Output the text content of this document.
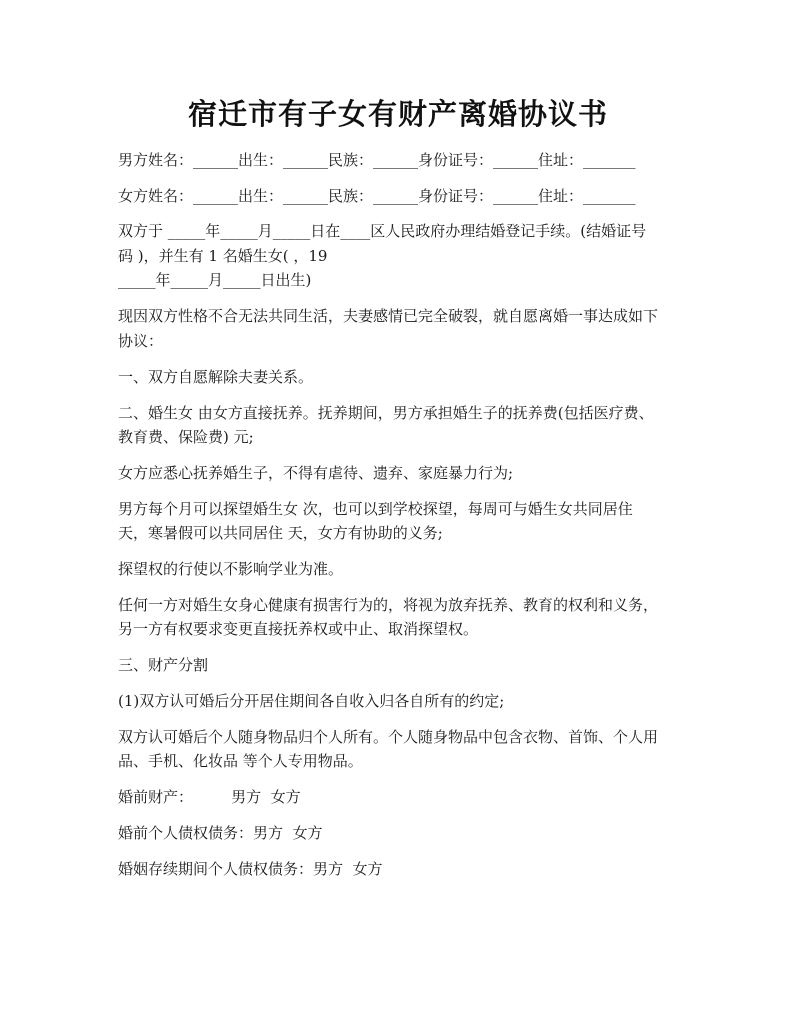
宿迁市有子女有财产离婚协议书
男方姓名：______出生：______民族：______身份证号：______住址：_______
女方姓名：______出生：______民族：______身份证号：______住址：_______
双方于 _____年_____月_____日在____区人民政府办理结婚登记手续。(结婚证号
码 )，并生有 1 名婚生女( ，19
_____年_____月_____日出生)
现因双方性格不合无法共同生活，夫妻感情已完全破裂，就自愿离婚一事达成如下
协议：
一、双方自愿解除夫妻关系。
二、婚生女 由女方直接抚养。抚养期间，男方承担婚生子的抚养费(包括医疗费、
教育费、保险费) 元;
女方应悉心抚养婚生子，不得有虐待、遗弃、家庭暴力行为;
男方每个月可以探望婚生女 次，也可以到学校探望，每周可与婚生女共同居住
天，寒暑假可以共同居住 天，女方有协助的义务;
探望权的行使以不影响学业为准。
任何一方对婚生女身心健康有损害行为的，将视为放弃抚养、教育的权利和义务，
另一方有权要求变更直接抚养权或中止、取消探望权。
三、财产分割
(1)双方认可婚后分开居住期间各自收入归各自所有的约定;
双方认可婚后个人随身物品归个人所有。个人随身物品中包含衣物、首饰、个人用
品、手机、化妆品 等个人专用物品。
婚前财产：        男方  女方
婚前个人债权债务：男方  女方
婚姻存续期间个人债权债务：男方  女方
